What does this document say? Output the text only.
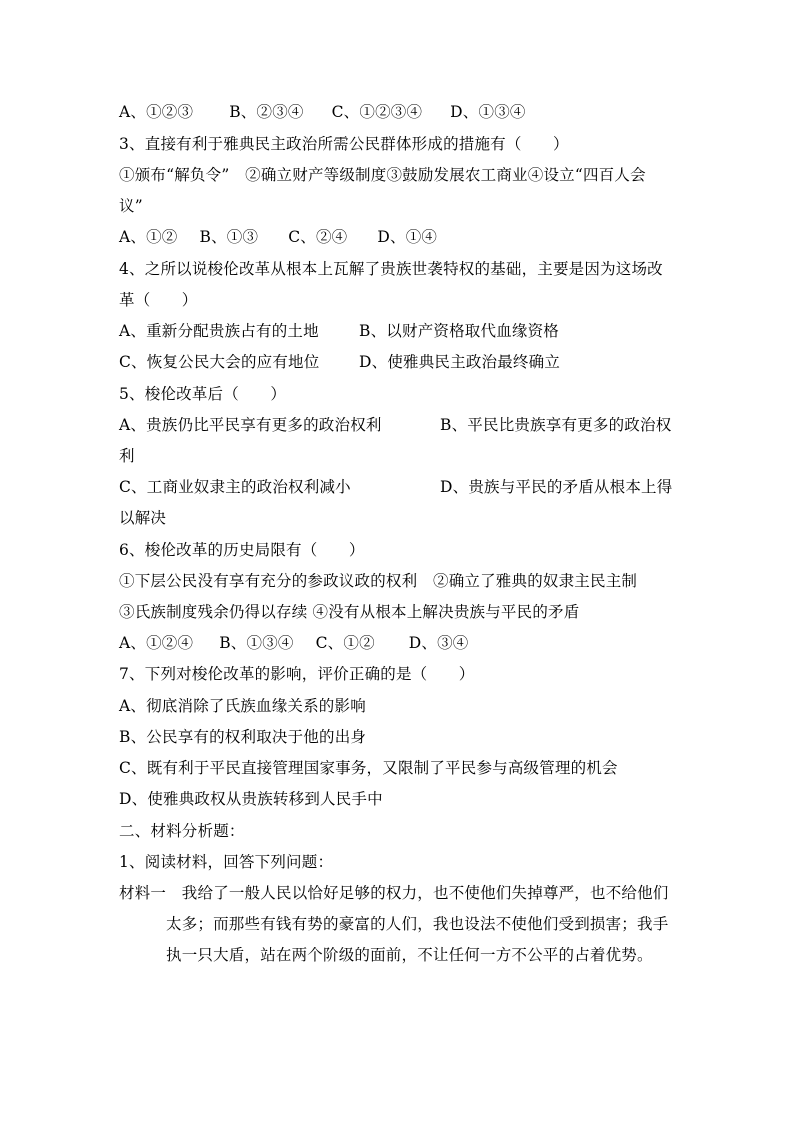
A、①②③ B、②③④ C、①②③④ D、①③④
3、直接有利于雅典民主政治所需公民群体形成的措施有（　　）
①颁布“解负令”　②确立财产等级制度③鼓励发展农工商业④设立“四百人会
议”
A、①② B、①③ C、②④ D、①④
4、之所以说梭伦改革从根本上瓦解了贵族世袭特权的基础，主要是因为这场改
革（　　）
A、重新分配贵族占有的土地	B、以财产资格取代血缘资格
C、恢复公民大会的应有地位	D、使雅典民主政治最终确立
5、梭伦改革后（　　）
A、贵族仍比平民享有更多的政治权利	B、平民比贵族享有更多的政治权
利
C、工商业奴隶主的政治权利减小	D、贵族与平民的矛盾从根本上得
以解决
6、梭伦改革的历史局限有（　　）
①下层公民没有享有充分的参政议政的权利　②确立了雅典的奴隶主民主制
③氏族制度残余仍得以存续 ④没有从根本上解决贵族与平民的矛盾
A、①②④ B、①③④ C、①② D、③④
7、下列对梭伦改革的影响，评价正确的是（　　）
A、彻底消除了氏族血缘关系的影响
B、公民享有的权利取决于他的出身
C、既有利于平民直接管理国家事务，又限制了平民参与高级管理的机会
D、使雅典政权从贵族转移到人民手中
二、材料分析题：
1、阅读材料，回答下列问题：
材料一　我给了一般人民以恰好足够的权力，也不使他们失掉尊严，也不给他们
太多；而那些有钱有势的豪富的人们，我也设法不使他们受到损害；我手
执一只大盾，站在两个阶级的面前，不让任何一方不公平的占着优势。
